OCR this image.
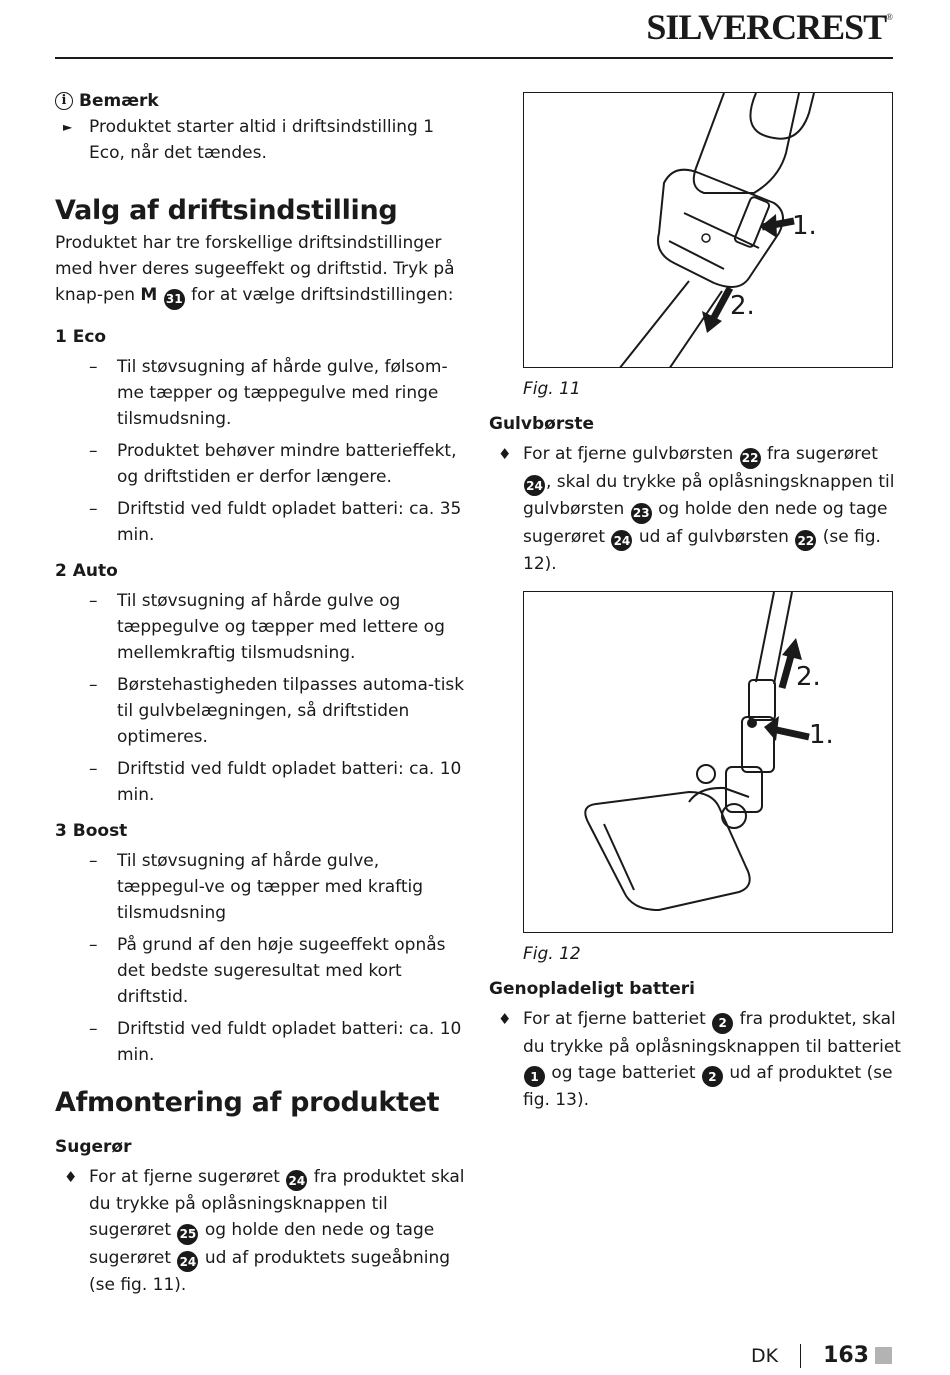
SILVERCREST®
i Bemærk
► Produktet starter altid i driftsindstilling 1 Eco, når det tændes.
Valg af driftsindstilling

Produktet har tre forskellige driftsindstillinger med hver deres sugeeffekt og driftstid. Tryk på knap-pen M 31 for at vælge driftsindstillingen:

1 Eco
–	Til støvsugning af hårde gulve, følsom-me tæpper og tæppegulve med ringe tilsmudsning.
–	Produktet behøver mindre batterieffekt, og driftstiden er derfor længere.
–	Driftstid ved fuldt opladet batteri: ca. 35 min.
2 Auto
–	Til støvsugning af hårde gulve og tæppegulve og tæpper med lettere og mellemkraftig tilsmudsning.
–	Børstehastigheden tilpasses automa-tisk til gulvbelægningen, så driftstiden optimeres.
–	Driftstid ved fuldt opladet batteri: ca. 10 min.
3 Boost
–	Til støvsugning af hårde gulve, tæppegul-ve og tæpper med kraftig tilsmudsning
–	På grund af den høje sugeeffekt opnås det bedste sugeresultat med kort driftstid.
–	Driftstid ved fuldt opladet batteri: ca. 10 min.
Afmontering af produktet
Sugerør
♦ For at fjerne sugerøret 24 fra produktet skal du trykke på oplåsningsknappen til sugerøret 25 og holde den nede og tage sugerøret 24 ud af produktets sugeåbning (se fig. 11).
1.
2.

Fig. 11

Gulvbørste
♦ For at fjerne gulvbørsten 22 fra sugerøret 24 , skal du trykke på oplåsningsknappen til gulvbørsten 23 og holde den nede og tage sugerøret 24 ud af gulvbørsten 22 (se fig. 12).
2.
1.

Fig. 12

Genopladeligt batteri
♦ For at fjerne batteriet 2 fra produktet, skal du trykke på oplåsningsknappen til batteriet 1 og tage batteriet 2 ud af produktet (se fig. 13).
DK 163
